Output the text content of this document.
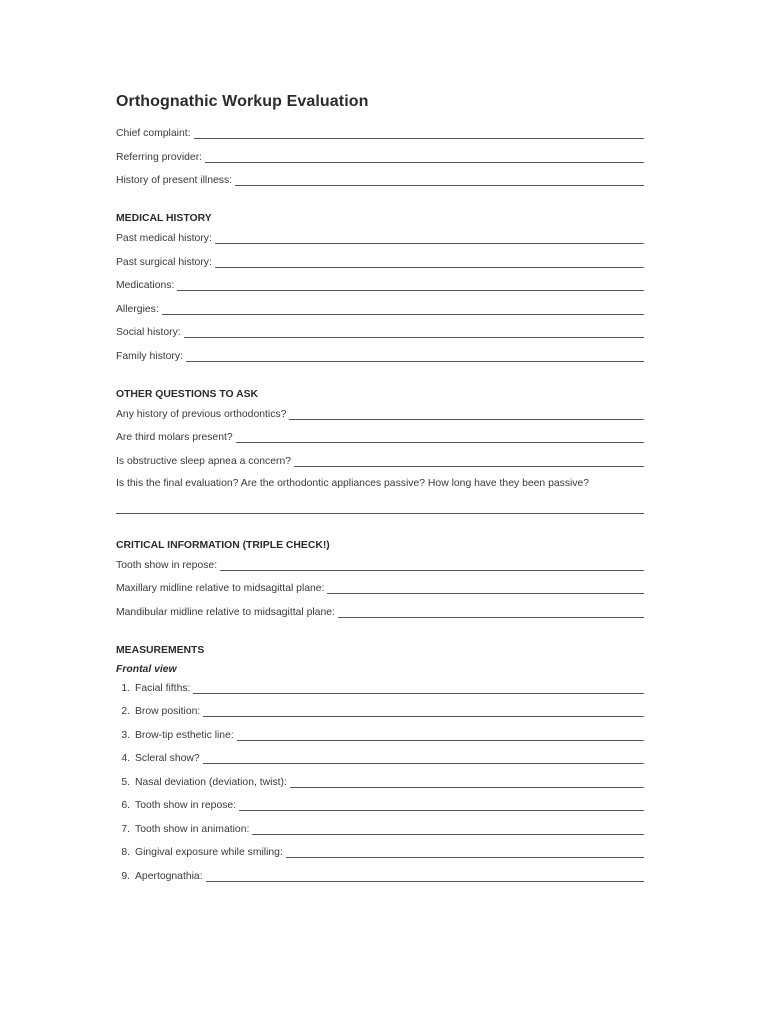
Orthognathic Workup Evaluation
Chief complaint:
Referring provider:
History of present illness:
MEDICAL HISTORY
Past medical history:
Past surgical history:
Medications:
Allergies:
Social history:
Family history:
OTHER QUESTIONS TO ASK
Any history of previous orthodontics?
Are third molars present?
Is obstructive sleep apnea a concern?
Is this the final evaluation? Are the orthodontic appliances passive? How long have they been passive?
CRITICAL INFORMATION (TRIPLE CHECK!)
Tooth show in repose:
Maxillary midline relative to midsagittal plane:
Mandibular midline relative to midsagittal plane:
MEASUREMENTS
Frontal view
1. Facial fifths:
2. Brow position:
3. Brow-tip esthetic line:
4. Scleral show?
5. Nasal deviation (deviation, twist):
6. Tooth show in repose:
7. Tooth show in animation:
8. Gingival exposure while smiling:
9. Apertognathia:
